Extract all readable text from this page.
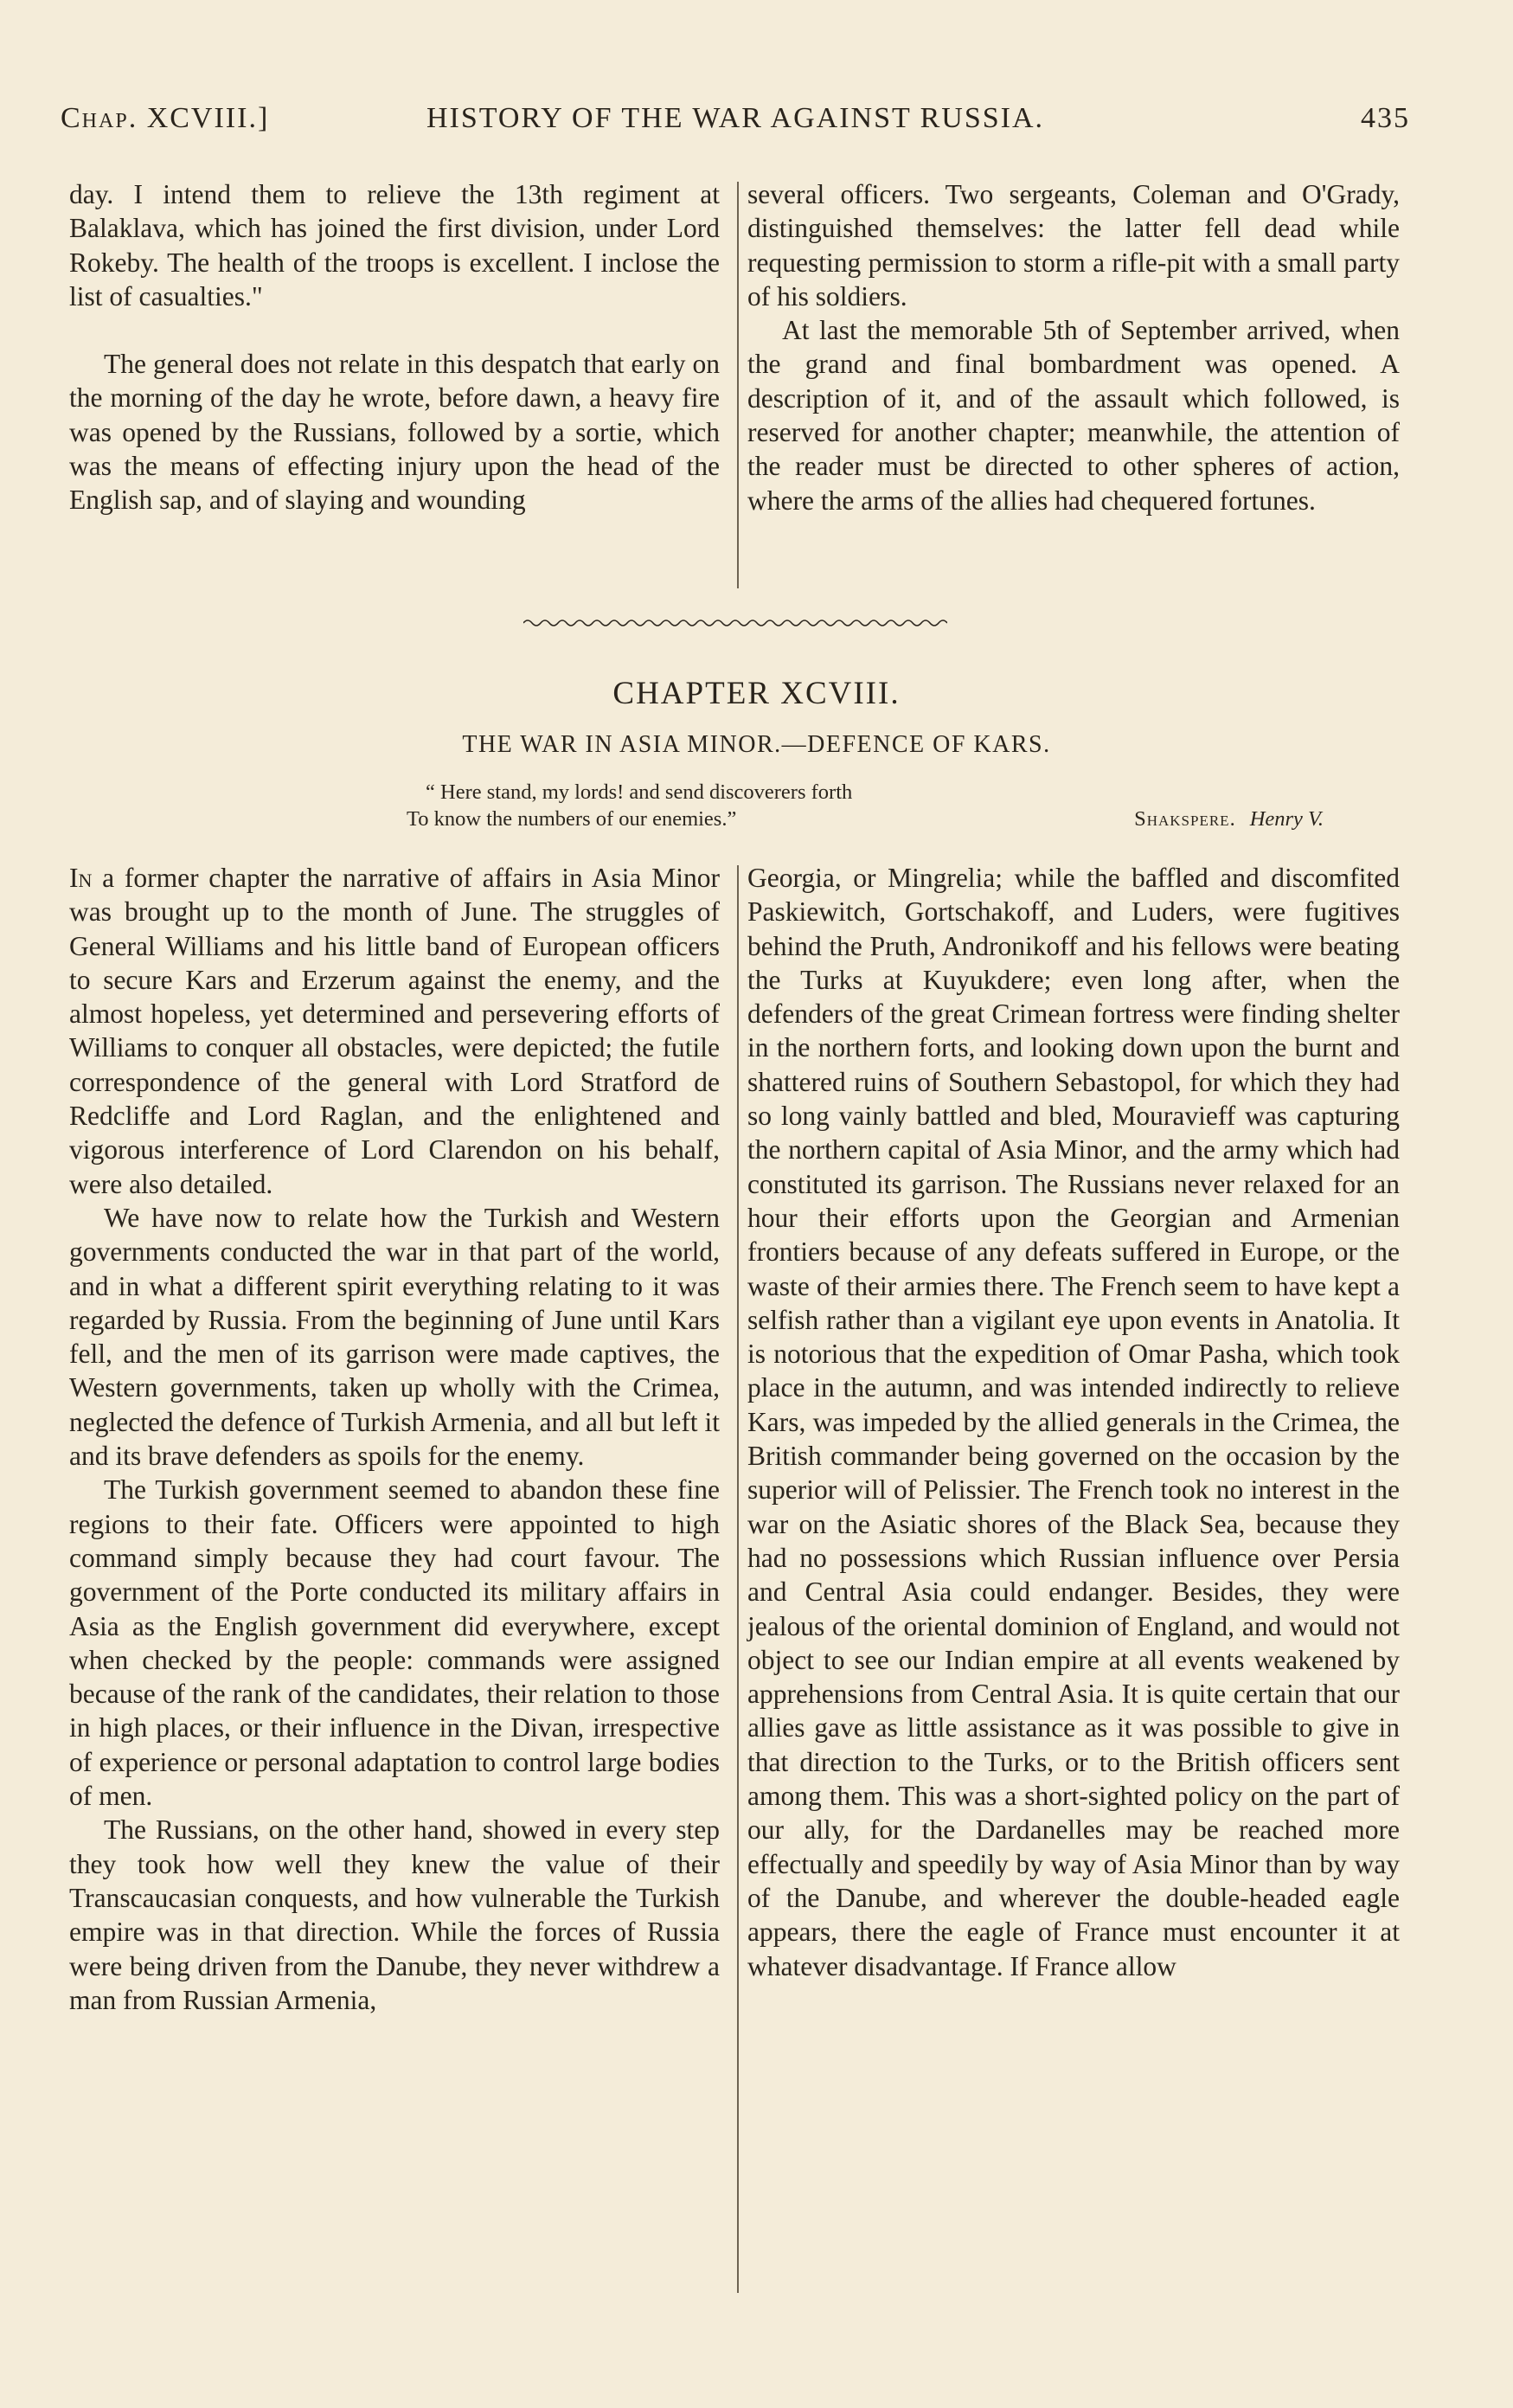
Chap. XCVIII.]	HISTORY OF THE WAR AGAINST RUSSIA.	435

day. I intend them to relieve the 13th regiment at Balaklava, which has joined the first division, under Lord Rokeby. The health of the troops is excellent. I inclose the list of casualties."

The general does not relate in this despatch that early on the morning of the day he wrote, before dawn, a heavy fire was opened by the Russians, followed by a sortie, which was the means of effecting injury upon the head of the English sap, and of slaying and wounding

several officers. Two sergeants, Coleman and O'Grady, distinguished themselves: the latter fell dead while requesting permission to storm a rifle-pit with a small party of his soldiers.

At last the memorable 5th of September arrived, when the grand and final bombardment was opened. A description of it, and of the assault which followed, is reserved for another chapter; meanwhile, the attention of the reader must be directed to other spheres of action, where the arms of the allies had chequered fortunes.

CHAPTER XCVIII.
THE WAR IN ASIA MINOR.—DEFENCE OF KARS.
“ Here stand, my lords! and send discoverers forth
To know the numbers of our enemies.”	Shakspere. Henry V.

In a former chapter the narrative of affairs in Asia Minor was brought up to the month of June. The struggles of General Williams and his little band of European officers to secure Kars and Erzerum against the enemy, and the almost hopeless, yet determined and persevering efforts of Williams to conquer all obstacles, were depicted; the futile correspondence of the general with Lord Stratford de Redcliffe and Lord Raglan, and the enlightened and vigorous interference of Lord Clarendon on his behalf, were also detailed.

We have now to relate how the Turkish and Western governments conducted the war in that part of the world, and in what a different spirit everything relating to it was regarded by Russia. From the beginning of June until Kars fell, and the men of its garrison were made captives, the Western governments, taken up wholly with the Crimea, neglected the defence of Turkish Armenia, and all but left it and its brave defenders as spoils for the enemy.

The Turkish government seemed to abandon these fine regions to their fate. Officers were appointed to high command simply because they had court favour. The government of the Porte conducted its military affairs in Asia as the English government did everywhere, except when checked by the people: commands were assigned because of the rank of the candidates, their relation to those in high places, or their influence in the Divan, irrespective of experience or personal adaptation to control large bodies of men.

The Russians, on the other hand, showed in every step they took how well they knew the value of their Transcaucasian conquests, and how vulnerable the Turkish empire was in that direction. While the forces of Russia were being driven from the Danube, they never withdrew a man from Russian Armenia,

Georgia, or Mingrelia; while the baffled and discomfited Paskiewitch, Gortschakoff, and Luders, were fugitives behind the Pruth, Andronikoff and his fellows were beating the Turks at Kuyukdere; even long after, when the defenders of the great Crimean fortress were finding shelter in the northern forts, and looking down upon the burnt and shattered ruins of Southern Sebastopol, for which they had so long vainly battled and bled, Mouravieff was capturing the northern capital of Asia Minor, and the army which had constituted its garrison. The Russians never relaxed for an hour their efforts upon the Georgian and Armenian frontiers because of any defeats suffered in Europe, or the waste of their armies there. The French seem to have kept a selfish rather than a vigilant eye upon events in Anatolia. It is notorious that the expedition of Omar Pasha, which took place in the autumn, and was intended indirectly to relieve Kars, was impeded by the allied generals in the Crimea, the British commander being governed on the occasion by the superior will of Pelissier. The French took no interest in the war on the Asiatic shores of the Black Sea, because they had no possessions which Russian influence over Persia and Central Asia could endanger. Besides, they were jealous of the oriental dominion of England, and would not object to see our Indian empire at all events weakened by apprehensions from Central Asia. It is quite certain that our allies gave as little assistance as it was possible to give in that direction to the Turks, or to the British officers sent among them. This was a short-sighted policy on the part of our ally, for the Dardanelles may be reached more effectually and speedily by way of Asia Minor than by way of the Danube, and wherever the double-headed eagle appears, there the eagle of France must encounter it at whatever disadvantage. If France allow
